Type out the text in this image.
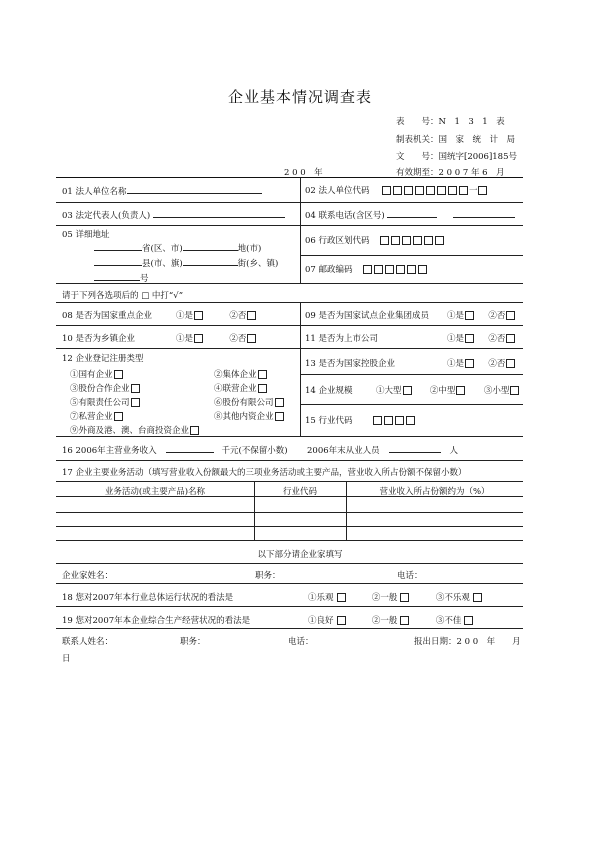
企业基本情况调查表
表　　号：N　1　3　1　表
制表机关：国　家　统　计　局
文　　号：国统字[2006]185号
有效期至：2 0 0 7 年 6　月
2 0 0　年
01 法人单位名称	02 法人单位代码	一
03 法定代表人(负责人)	04 联系电话(含区号)
05 详细地址
省(区、市)	地(市)
县(市、旗)	街(乡、镇)
号
06 行政区划代码
07 邮政编码
请于下列各选项后的 □ 中打“√”
08 是否为国家重点企业	①是	②否	09 是否为国家试点企业集团成员 ①是	②否
10 是否为乡镇企业	①是	②否	11 是否为上市公司	①是	②否
12 企业登记注册类型
①国有企业	②集体企业
③股份合作企业	④联营企业
⑤有限责任公司	⑥股份有限公司
⑦私营企业	⑧其他内资企业
⑨外商及港、澳、台商投资企业
13 是否为国家控股企业	①是	②否
14 企业规模	①大型	②中型	③小型
15 行业代码
16 2006年主营业务收入	千元(不保留小数) 2006年末从业人员	人
17 企业主要业务活动（填写营业收入份额最大的三项业务活动或主要产品，营业收入所占份额不保留小数）
业务活动(或主要产品)名称	行业代码	营业收入所占份额约为（%）
以下部分请企业家填写
企业家姓名：	职务：	电话：
18 您对2007年本行业总体运行状况的看法是	①乐观	②一般	③不乐观
19 您对2007年本企业综合生产经营状况的看法是	①良好	②一般	③不佳
联系人姓名：	职务：	电话：	报出日期：2 0 0　年　　月
日
